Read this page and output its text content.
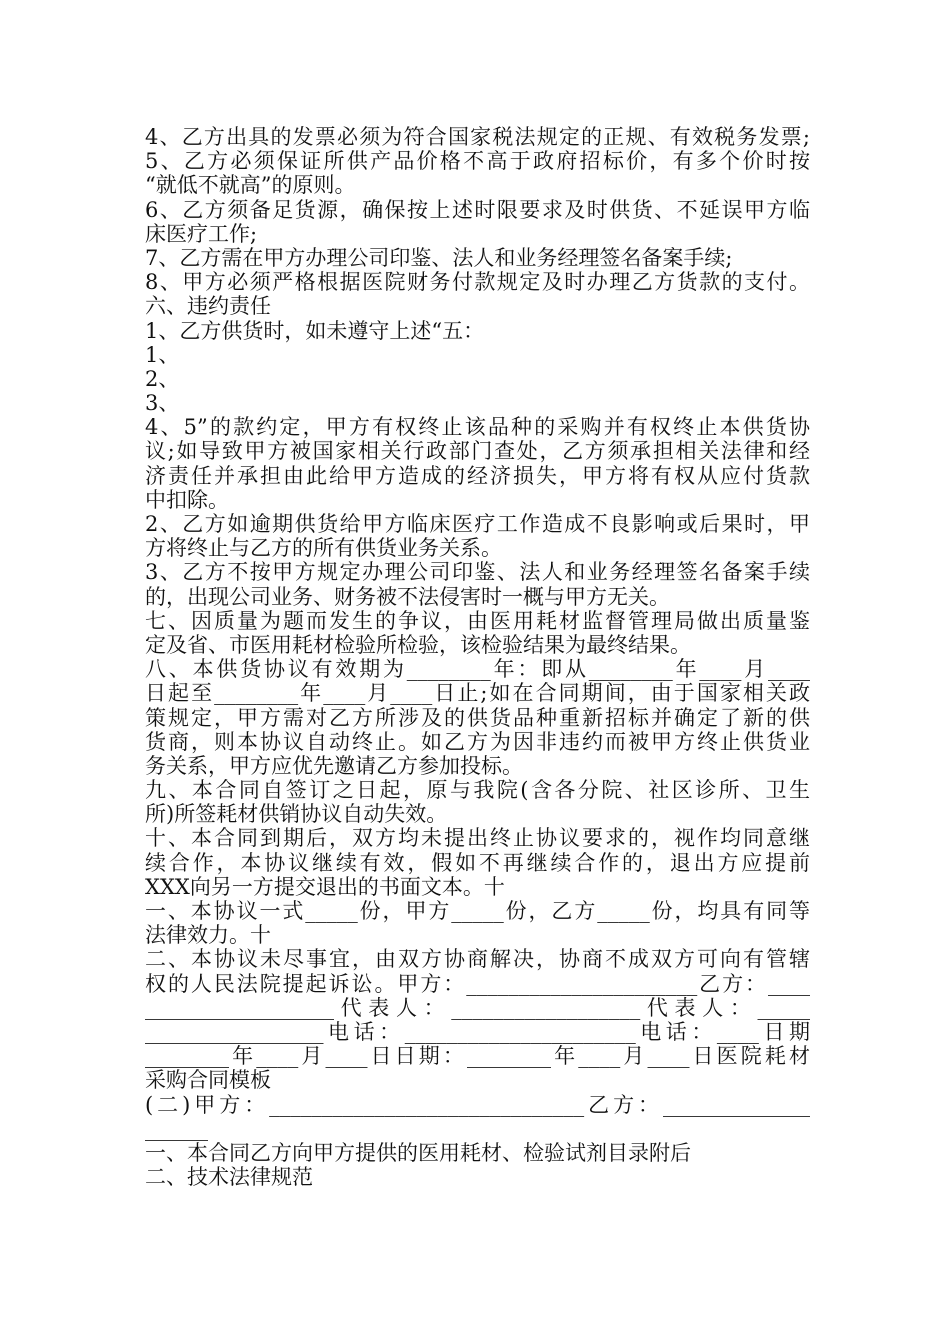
4、乙方出具的发票必须为符合国家税法规定的正规、有效税务发票;
5、乙方必须保证所供产品价格不高于政府招标价，有多个价时按
“就低不就高”的原则。
6、乙方须备足货源，确保按上述时限要求及时供货、不延误甲方临
床医疗工作;
7、乙方需在甲方办理公司印鉴、法人和业务经理签名备案手续;
8、甲方必须严格根据医院财务付款规定及时办理乙方货款的支付。
六、违约责任
1、乙方供货时，如未遵守上述“五：
1、
2、
3、
4、5”的款约定，甲方有权终止该品种的采购并有权终止本供货协
议;如导致甲方被国家相关行政部门查处，乙方须承担相关法律和经
济责任并承担由此给甲方造成的经济损失，甲方将有权从应付货款
中扣除。
2、乙方如逾期供货给甲方临床医疗工作造成不良影响或后果时，甲
方将终止与乙方的所有供货业务关系。
3、乙方不按甲方规定办理公司印鉴、法人和业务经理签名备案手续
的，出现公司业务、财务被不法侵害时一概与甲方无关。
七、因质量为题而发生的争议，由医用耗材监督管理局做出质量鉴
定及省、市医用耗材检验所检验，该检验结果为最终结果。
八、本供货协议有效期为________年：即从________年____月____
日起至________年____月____日止;如在合同期间，由于国家相关政
策规定，甲方需对乙方所涉及的供货品种重新招标并确定了新的供
货商，则本协议自动终止。如乙方为因非违约而被甲方终止供货业
务关系，甲方应优先邀请乙方参加投标。
九、本合同自签订之日起，原与我院(含各分院、社区诊所、卫生
所)所签耗材供销协议自动失效。
十、本合同到期后，双方均未提出终止协议要求的，视作均同意继
续合作，本协议继续有效，假如不再继续合作的，退出方应提前
XXX向另一方提交退出的书面文本。十
一、本协议一式_____份，甲方_____份，乙方_____份，均具有同等
法律效力。十
二、本协议未尽事宜，由双方协商解决，协商不成双方可向有管辖
权的人民法院提起诉讼。甲方：______________________乙方：____
__________________代表人：__________________代表人：_____
_________________电话：______________________电话：____日期
________年____月____日日期：________年____月____日医院耗材
采购合同模板
(二)甲方：______________________________乙方：______________
______
一、本合同乙方向甲方提供的医用耗材、检验试剂目录附后
二、技术法律规范
